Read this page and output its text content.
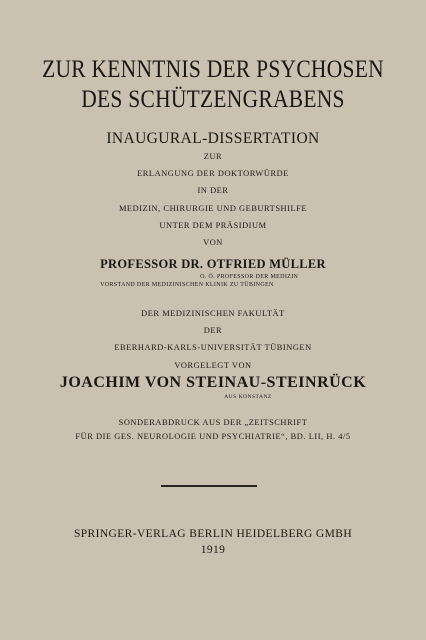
ZUR KENNTNIS DER PSYCHOSEN
DES SCHÜTZENGRABENS
INAUGURAL-DISSERTATION
ZUR
ERLANGUNG DER DOKTORWÜRDE
IN DER
MEDIZIN, CHIRURGIE UND GEBURTSHILFE
UNTER DEM PRÄSIDIUM
VON
PROFESSOR DR. OTFRIED MÜLLER
O. Ö. PROFESSOR DER MEDIZIN
VORSTAND DER MEDIZINISCHEN KLINIK ZU TÜBINGEN
DER MEDIZINISCHEN FAKULTÄT
DER
EBERHARD-KARLS-UNIVERSITÄT TÜBINGEN
VORGELEGT VON
JOACHIM VON STEINAU-STEINRÜCK
AUS KONSTANZ
SONDERABDRUCK AUS DER „ZEITSCHRIFT
FÜR DIE GES. NEUROLOGIE UND PSYCHIATRIE“, BD. LII, H. 4/5
SPRINGER-VERLAG BERLIN HEIDELBERG GMBH
1919
